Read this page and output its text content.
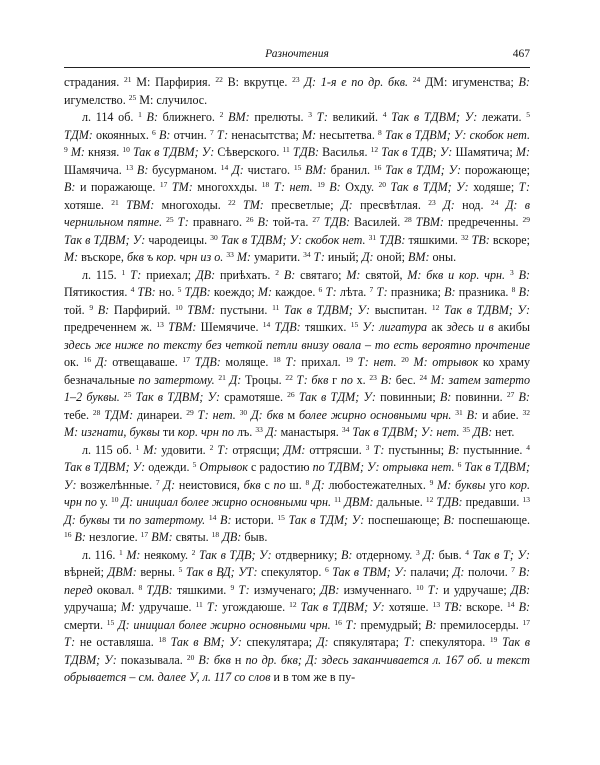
Разночтения	467

страдания. $^{21}$ М: Парфирия. $^{22}$ В: вкрутце. $^{23}$ Д: 1-я е по др. бкв. $^{24}$ ДМ: игуменства; В: игумелство. $^{25}$ М: случилос.

л. 114 об. $^1$ В: ближнего. $^2$ ВМ: прелюты. $^3$ Т: великий. $^4$ Так в ТДВМ; У: лежати. $^5$ ТДМ: окоянных. $^6$ В: отчин. $^7$ Т: ненасытства; М: несытетва. $^8$ Так в ТДВМ; У: скобок нет. $^9$ М: князя. $^{10}$ Так в ТДВМ; У: Сѣверского. $^{11}$ ТДВ: Василья. $^{12}$ Так в ТДВ; У: Шамятича; М: Шамячича. $^{13}$ В: бусурманом. $^{14}$ Д: чистаго. $^{15}$ ВМ: бранил. $^{16}$ Так в ТДМ; У: порожающе; В: и поражающе. $^{17}$ ТМ: многоххды. $^{18}$ Т: нет. $^{19}$ В: Охду. $^{20}$ Так в ТДМ; У: ходяше; Т: хотяше. $^{21}$ ТВМ: многоходы. $^{22}$ ТМ: пресветлые; Д: пресвѣтлая. $^{23}$ Д: нод. $^{24}$ Д: в чернильном пятне. $^{25}$ Т: правнаго. $^{26}$ В: той-та. $^{27}$ ТДВ: Василей. $^{28}$ ТВМ: предреченны. $^{29}$ Так в ТДВМ; У: чародеицы. $^{30}$ Так в ТДВМ; У: скобок нет. $^{31}$ ТДВ: тяшкими. $^{32}$ ТВ: вскоре; М: въскоре, бкв ъ кор. чрн из о. $^{33}$ М: умарити. $^{34}$ Т: иный; Д: оной; ВМ: оны.

л. 115. $^1$ Т: приехал; ДВ: приѣхать. $^2$ В: святаго; М: святой, М: бкв и кор. чрн. $^3$ В: Пятикостия. $^4$ ТВ: но. $^5$ ТДВ: коеждо; М: каждое. $^6$ Т: лѣта. $^7$ Т: празника; В: празника. $^8$ В: той. $^9$ В: Парфирий. $^{10}$ ТВМ: пустыни. $^{11}$ Так в ТДВМ; У: выспитан. $^{12}$ Так в ТДВМ; У: предреченнем ж. $^{13}$ ТВМ: Шемячиче. $^{14}$ ТДВ: тяшких. $^{15}$ У: лигатура ак здесь и в акибы здесь же ниже по тексту без четкой петли внизу овала – то есть вероятно прочтение ок. $^{16}$ Д: отвещаваше. $^{17}$ ТДВ: моляще. $^{18}$ Т: прихал. $^{19}$ Т: нет. $^{20}$ М: отрывок ко храму безначальные по затертому. $^{21}$ Д: Троцы. $^{22}$ Т: бкв г по х. $^{23}$ В: бес. $^{24}$ М: затем затерто 1–2 буквы. $^{25}$ Так в ТДВМ; У: срамотяше. $^{26}$ Так в ТДМ; У: повинныи; В: повинни. $^{27}$ В: тебе. $^{28}$ ТДМ: динареи. $^{29}$ Т: нет. $^{30}$ Д: бкв м более жирно основными чрн. $^{31}$ В: и абие. $^{32}$ М: изгнати, буквы ти кор. чрн по лъ. $^{33}$ Д: манастыря. $^{34}$ Так в ТДВМ; У: нет. $^{35}$ ДВ: нет.

л. 115 об. $^1$ М: удовити. $^2$ Т: отрясщи; ДМ: оттрясши. $^3$ Т: пустынны; В: пустынние. $^4$ Так в ТДВМ; У: одежди. $^5$ Отрывок с радостию по ТДВМ; У: отрывка нет. $^6$ Так в ТДВМ; У: возжелѣнные. $^7$ Д: неистовися, бкв с по ш. $^8$ Д: любостежателных. $^9$ М: буквы уго кор. чрн по у. $^{10}$ Д: инициал более жирно основными чрн. $^{11}$ ДВМ: дальные. $^{12}$ ТДВ: предавши. $^{13}$ Д: буквы ти по затертому. $^{14}$ В: истори. $^{15}$ Так в ТДМ; У: поспешающе; В: поспешающе. $^{16}$ В: незлогие. $^{17}$ ВМ: святы. $^{18}$ ДВ: быв.

л. 116. $^1$ М: неякому. $^2$ Так в ТДВ; У: отдвернику; В: отдерному. $^3$ Д: быв. $^4$ Так в Т; У: вѣрней; ДВМ: верны. $^5$ Так в ВД; УТ: спекулятор. $^6$ Так в ТВМ; У: палачи; Д: полочи. $^7$ В: перед оковал. $^8$ ТДВ: тяшкими. $^9$ Т: измученаго; ДВ: измученнаго. $^{10}$ Т: и удручаше; ДВ: удручаша; М: удручаше. $^{11}$ Т: угождаюше. $^{12}$ Так в ТДВМ; У: хотяше. $^{13}$ ТВ: вскоре. $^{14}$ В: смерти. $^{15}$ Д: инициал более жирно основными чрн. $^{16}$ Т: премудрый; В: премилосерды. $^{17}$ Т: не оставляша. $^{18}$ Так в ВМ; У: спекулятара; Д: спякулятара; Т: спекулятора. $^{19}$ Так в ТДВМ; У: показывала. $^{20}$ В: бкв н по др. бкв; Д: здесь заканчивается л. 167 об. и текст обрывается – см. далее У, л. 117 со слов и в том же в пу-
